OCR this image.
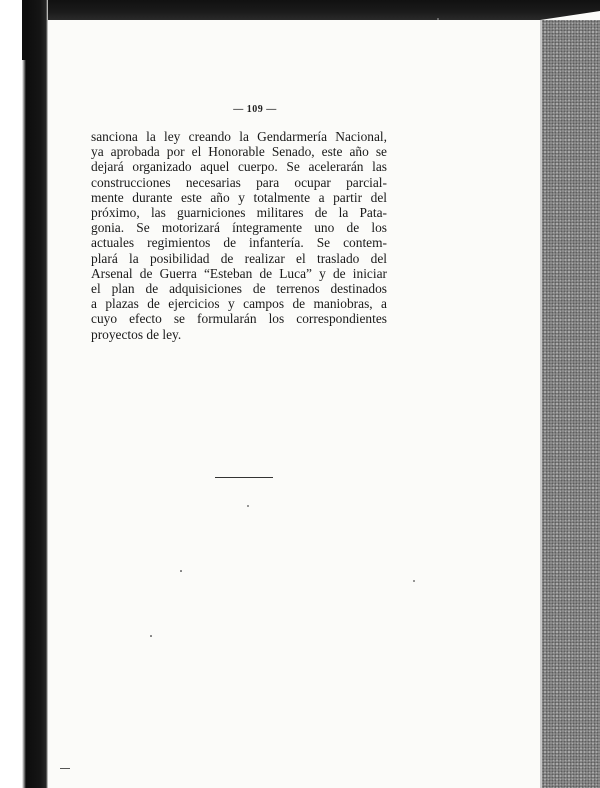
— 109 —

sanciona la ley creando la Gendarmería Nacional,
ya aprobada por el Honorable Senado, este año se
dejará organizado aquel cuerpo. Se acelerarán las
construcciones necesarias para ocupar parcial-
mente durante este año y totalmente a partir del
próximo, las guarniciones militares de la Pata-
gonia. Se motorizará íntegramente uno de los
actuales regimientos de infantería. Se contem-
plará la posibilidad de realizar el traslado del
Arsenal de Guerra “Esteban de Luca” y de iniciar
el plan de adquisiciones de terrenos destinados
a plazas de ejercicios y campos de maniobras, a
cuyo efecto se formularán los correspondientes
proyectos de ley.
